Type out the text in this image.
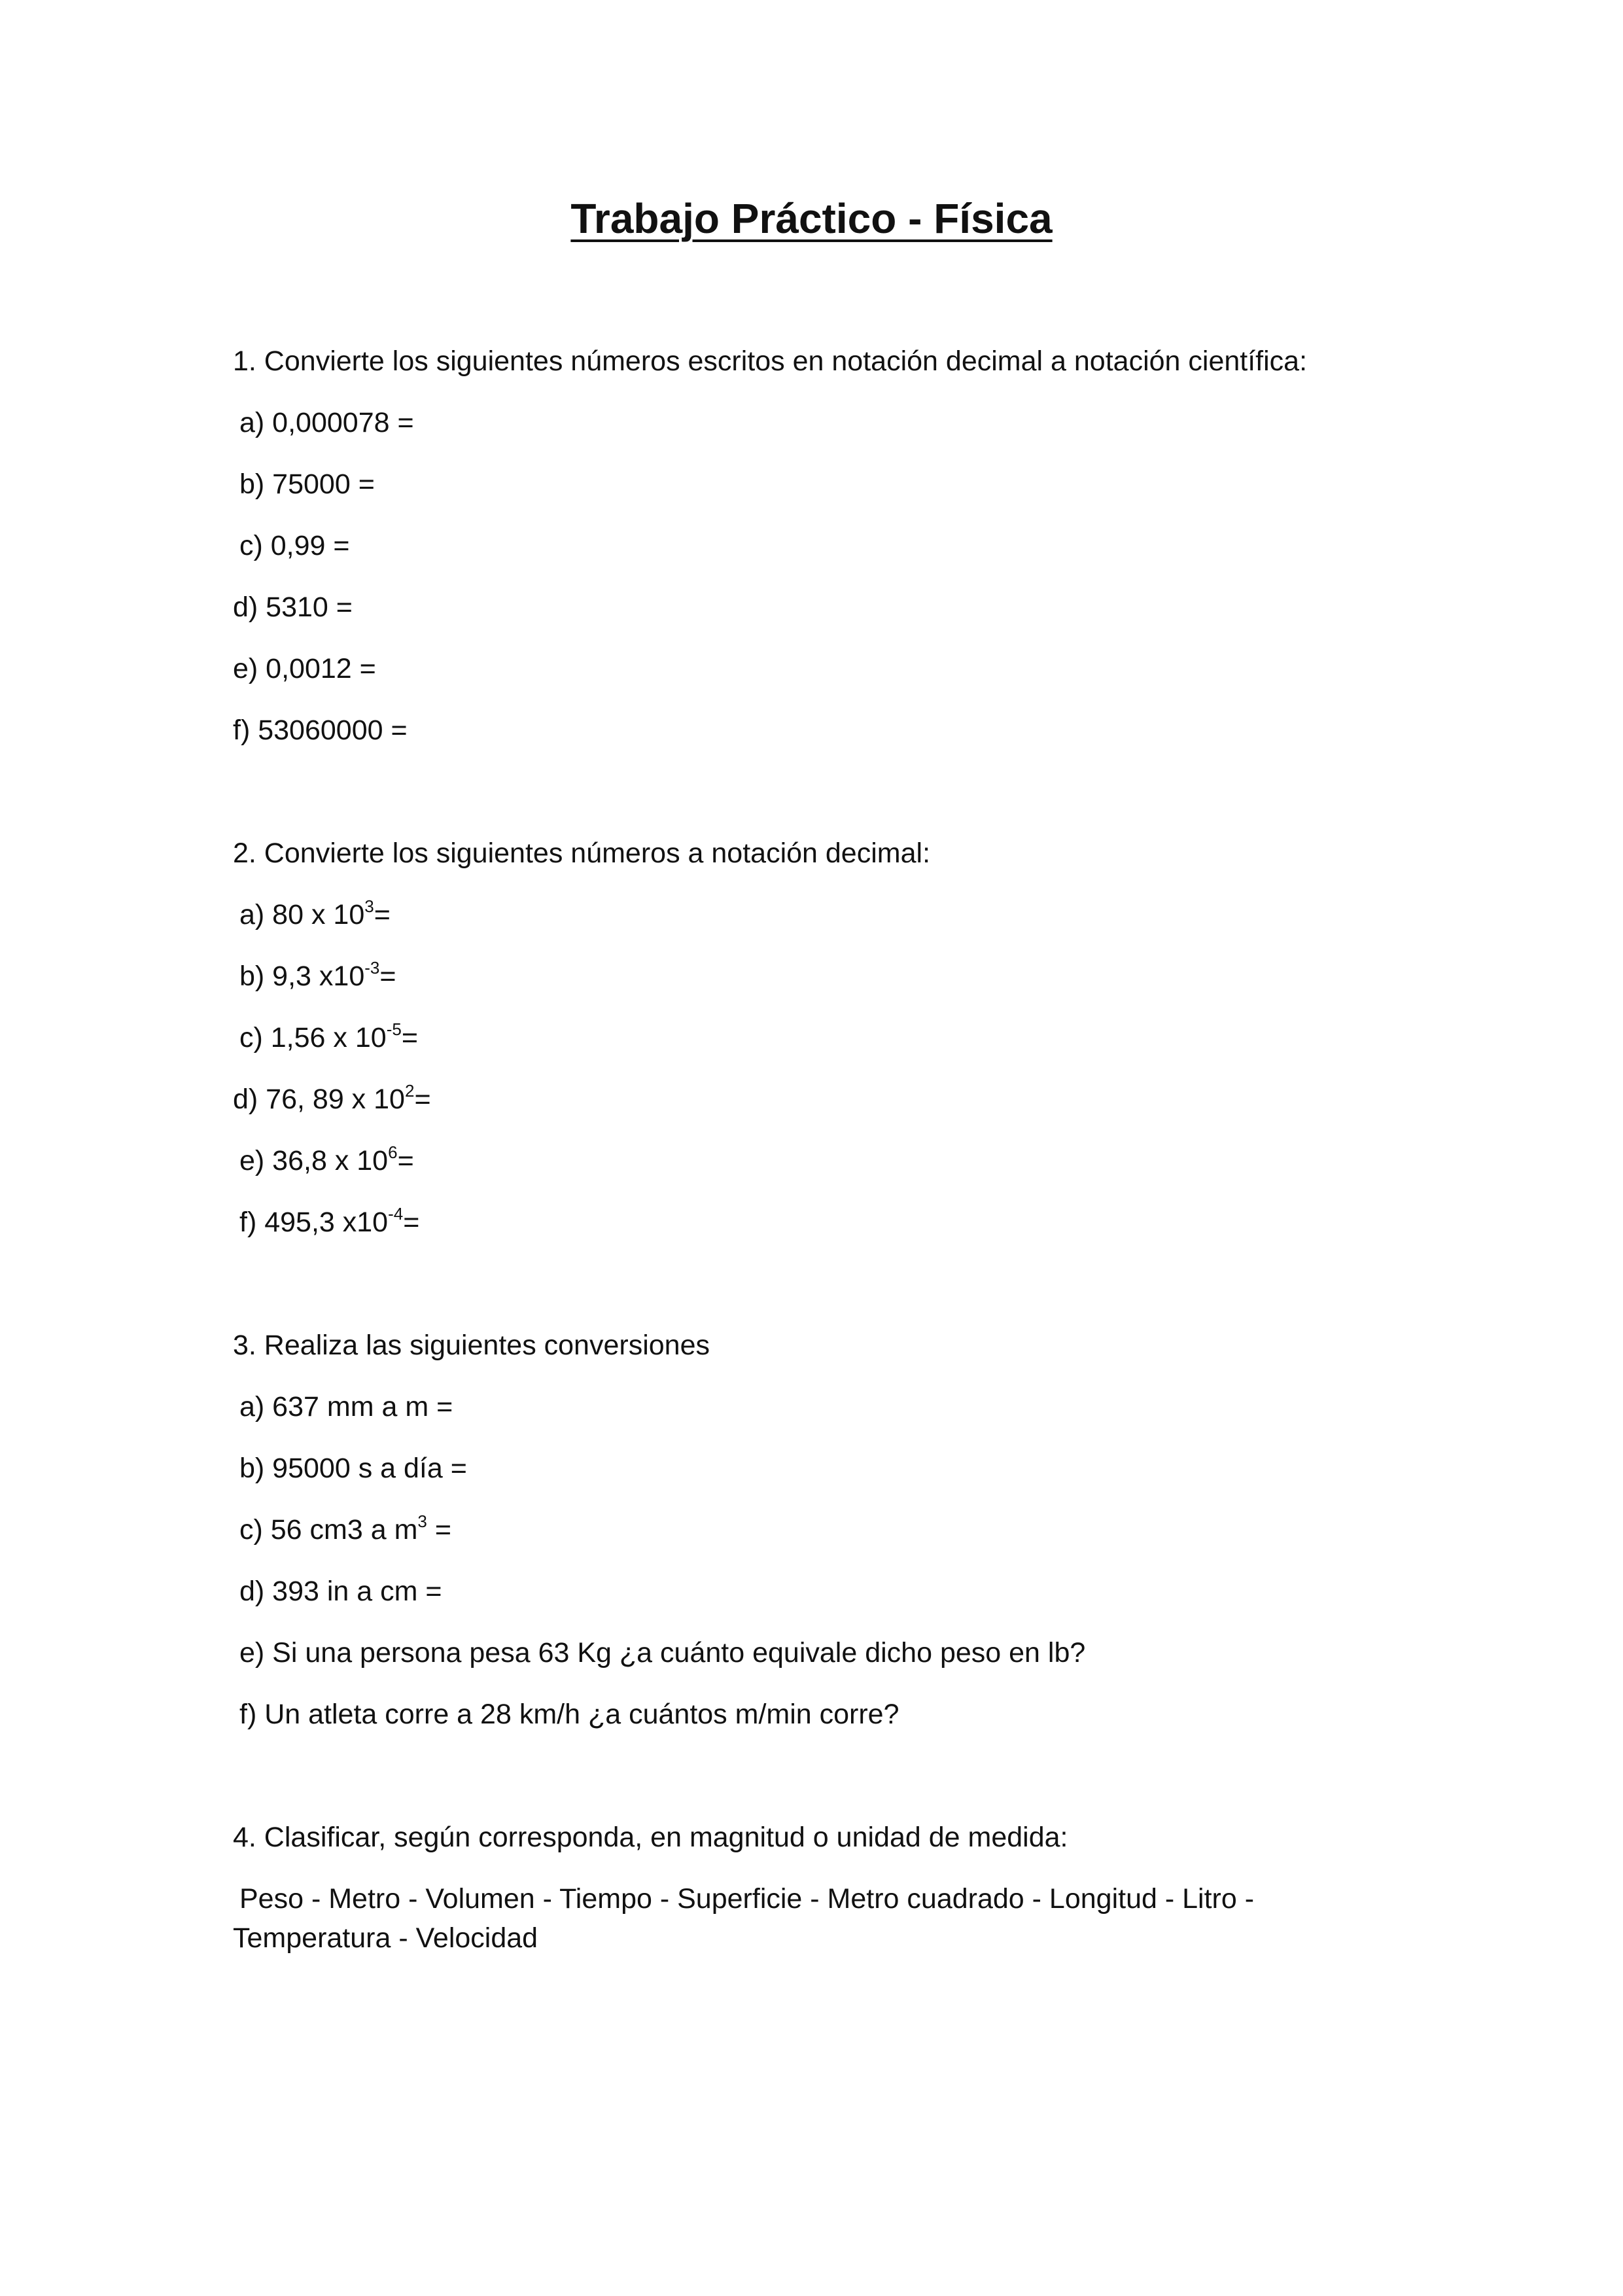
Trabajo Práctico - Física
1. Convierte los siguientes números escritos en notación decimal a notación científica:
a) 0,000078 =
b) 75000 =
c) 0,99 =
d) 5310 =
e) 0,0012 =
f) 53060000 =
2. Convierte los siguientes números a notación decimal:
a) 80 x $10^3=$
b) 9,3 $x10^{-3}=$
c) 1,56 x $10^{-5}=$
d) 76, 89 x $10^2=$
e) 36,8 x $10^6=$
f) 495,3 $x10^{-4}=$
3. Realiza las siguientes conversiones
a) 637 mm a m =
b) 95000 s a día =
c) 56 cm3 a $m^3$ =
d) 393 in a cm =
e) Si una persona pesa 63 Kg ¿a cuánto equivale dicho peso en lb?
f) Un atleta corre a 28 km/h ¿a cuántos m/min corre?
4. Clasificar, según corresponda, en magnitud o unidad de medida:
Peso - Metro - Volumen - Tiempo - Superficie - Metro cuadrado - Longitud - Litro - Temperatura - Velocidad
